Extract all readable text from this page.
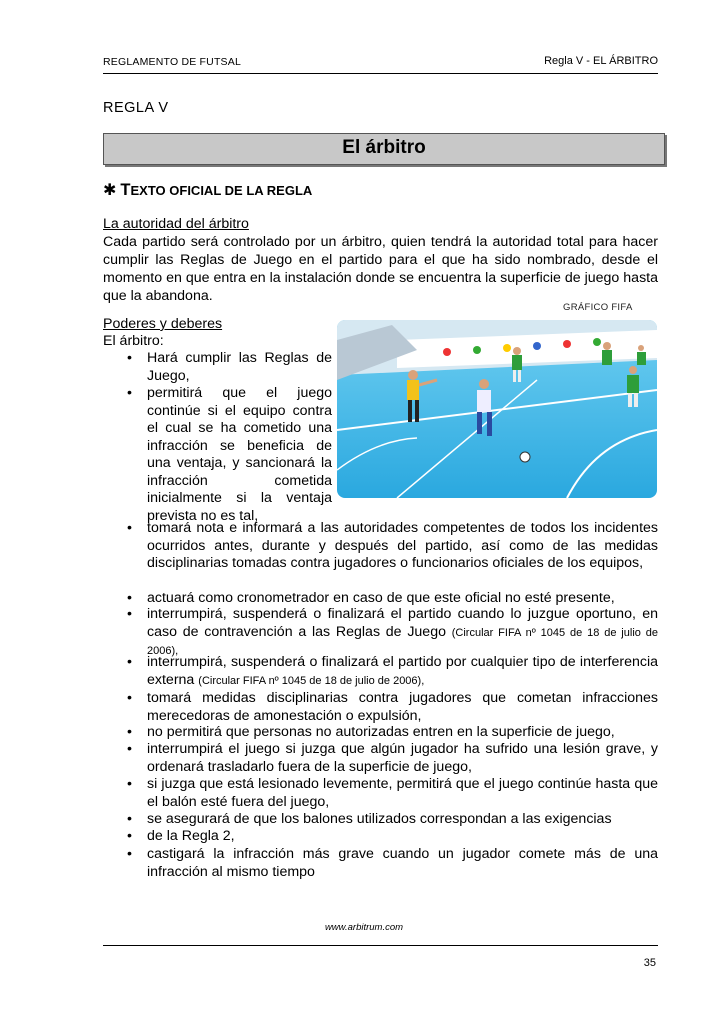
REGLAMENTO DE FUTSAL	Regla V - EL ÁRBITRO
REGLA V
El árbitro
✱ T EXTO OFICIAL DE LA REGLA
La autoridad del árbitro
Cada partido será controlado por un árbitro, quien tendrá la autoridad total para hacer cumplir las Reglas de Juego en el partido para el que ha sido nombrado, desde el momento en que entra en la instalación donde se encuentra la superficie de juego hasta que la abandona.
GRÁFICO FIFA
Poderes y deberes
El árbitro:
•	Hará cumplir las Reglas de Juego,
•	permitirá que el juego continúe si el equipo contra el cual se ha cometido una infracción se beneficia de una ventaja, y sancionará la infracción cometida inicialmente si la ventaja prevista no es tal,
•	tomará nota e informará a las autoridades competentes de todos los incidentes ocurridos antes, durante y después del partido, así como de las medidas disciplinarias tomadas contra jugadores o funcionarios oficiales de los equipos,
•	actuará como cronometrador en caso de que este oficial no esté presente,
•	interrumpirá, suspenderá o finalizará el partido cuando lo juzgue oportuno, en caso de contravención a las Reglas de Juego (Circular FIFA nº 1045 de 18 de julio de 2006),
•	interrumpirá, suspenderá o finalizará el partido por cualquier tipo de interferencia externa (Circular FIFA nº 1045 de 18 de julio de 2006),
•	tomará medidas disciplinarias contra jugadores que cometan infracciones merecedoras de amonestación o expulsión,
•	no permitirá que personas no autorizadas entren en la superficie de juego,
•	interrumpirá el juego si juzga que algún jugador ha sufrido una lesión grave, y ordenará trasladarlo fuera de la superficie de juego,
•	si juzga que está lesionado levemente, permitirá que el juego continúe hasta que el balón esté fuera del juego,
•	se asegurará de que los balones utilizados correspondan a las exigencias
•	de la Regla 2,
•	castigará la infracción más grave cuando un jugador comete más de una infracción al mismo tiempo
www.arbitrum.com
35
